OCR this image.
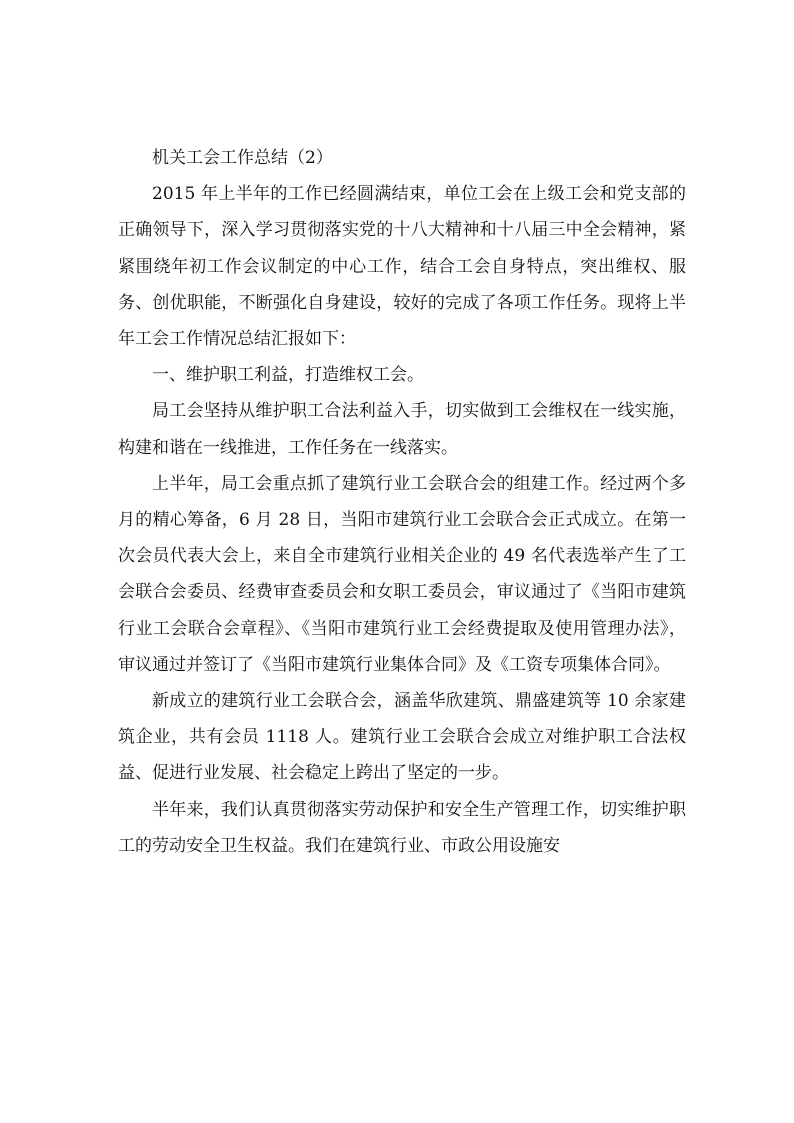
机关工会工作总结（2）

2015 年上半年的工作已经圆满结束，单位工会在上级工会和党支部的正确领导下，深入学习贯彻落实党的十八大精神和十八届三中全会精神，紧紧围绕年初工作会议制定的中心工作，结合工会自身特点，突出维权、服务、创优职能，不断强化自身建设，较好的完成了各项工作任务。现将上半年工会工作情况总结汇报如下：

一、维护职工利益，打造维权工会。

局工会坚持从维护职工合法利益入手，切实做到工会维权在一线实施，构建和谐在一线推进，工作任务在一线落实。

上半年，局工会重点抓了建筑行业工会联合会的组建工作。经过两个多月的精心筹备，6 月 28 日，当阳市建筑行业工会联合会正式成立。在第一次会员代表大会上，来自全市建筑行业相关企业的 49 名代表选举产生了工会联合会委员、经费审查委员会和女职工委员会，审议通过了《当阳市建筑行业工会联合会章程》、《当阳市建筑行业工会经费提取及使用管理办法》，审议通过并签订了《当阳市建筑行业集体合同》及《工资专项集体合同》。

新成立的建筑行业工会联合会，涵盖华欣建筑、鼎盛建筑等 10 余家建筑企业，共有会员 1118 人。建筑行业工会联合会成立对维护职工合法权益、促进行业发展、社会稳定上跨出了坚定的一步。

半年来，我们认真贯彻落实劳动保护和安全生产管理工作，切实维护职工的劳动安全卫生权益。我们在建筑行业、市政公用设施安
